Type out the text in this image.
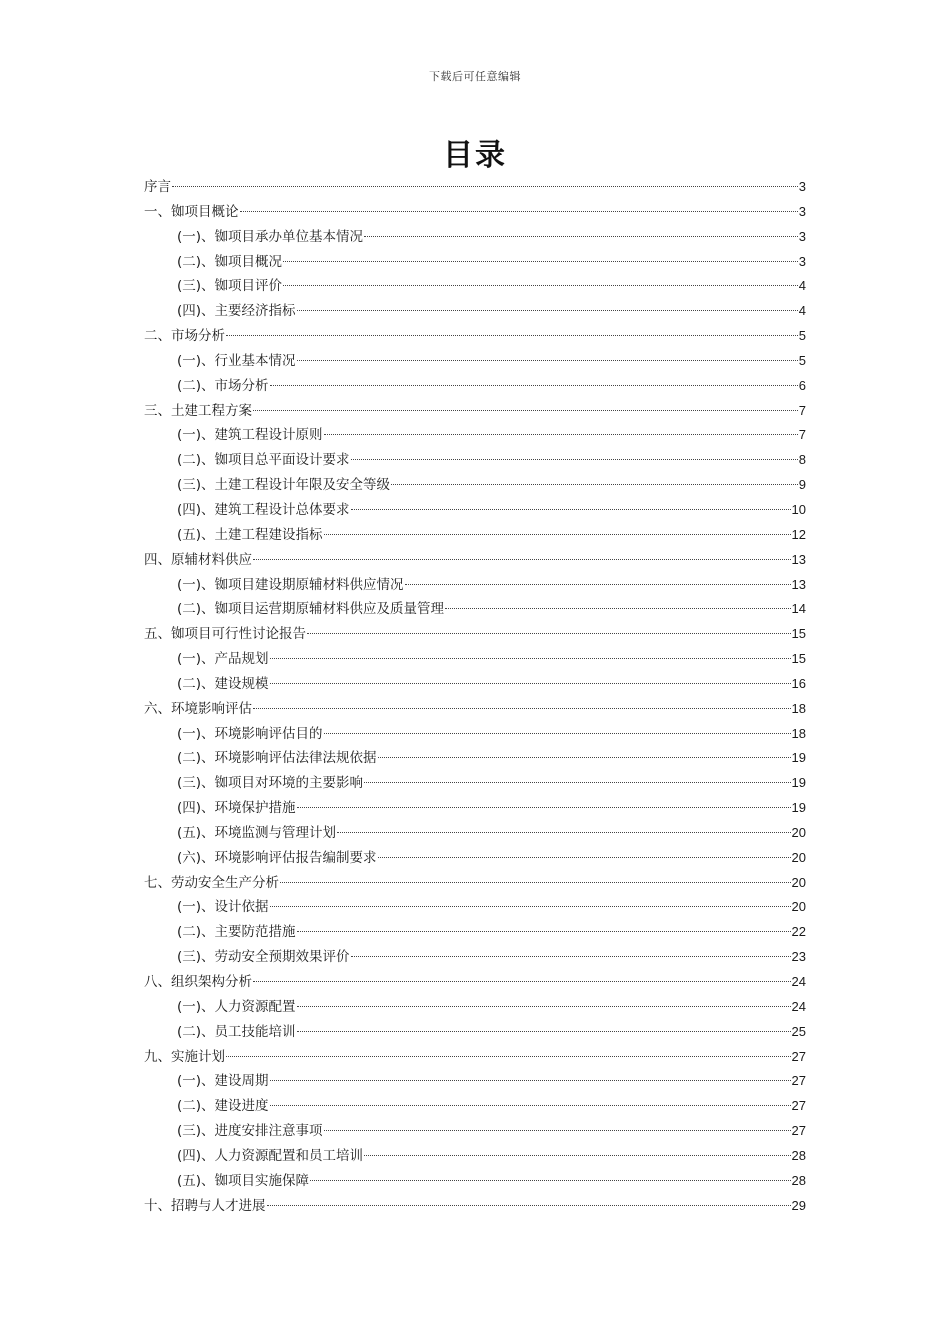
下载后可任意编辑
目录
序言	3
一、铷项目概论	3
(一)、铷项目承办单位基本情况	3
(二)、铷项目概况	3
(三)、铷项目评价	4
(四)、主要经济指标	4
二、市场分析	5
(一)、行业基本情况	5
(二)、市场分析	6
三、土建工程方案	7
(一)、建筑工程设计原则	7
(二)、铷项目总平面设计要求	8
(三)、土建工程设计年限及安全等级	9
(四)、建筑工程设计总体要求	10
(五)、土建工程建设指标	12
四、原辅材料供应	13
(一)、铷项目建设期原辅材料供应情况	13
(二)、铷项目运营期原辅材料供应及质量管理	14
五、铷项目可行性讨论报告	15
(一)、产品规划	15
(二)、建设规模	16
六、环境影响评估	18
(一)、环境影响评估目的	18
(二)、环境影响评估法律法规依据	19
(三)、铷项目对环境的主要影响	19
(四)、环境保护措施	19
(五)、环境监测与管理计划	20
(六)、环境影响评估报告编制要求	20
七、劳动安全生产分析	20
(一)、设计依据	20
(二)、主要防范措施	22
(三)、劳动安全预期效果评价	23
八、组织架构分析	24
(一)、人力资源配置	24
(二)、员工技能培训	25
九、实施计划	27
(一)、建设周期	27
(二)、建设进度	27
(三)、进度安排注意事项	27
(四)、人力资源配置和员工培训	28
(五)、铷项目实施保障	28
十、招聘与人才进展	29
